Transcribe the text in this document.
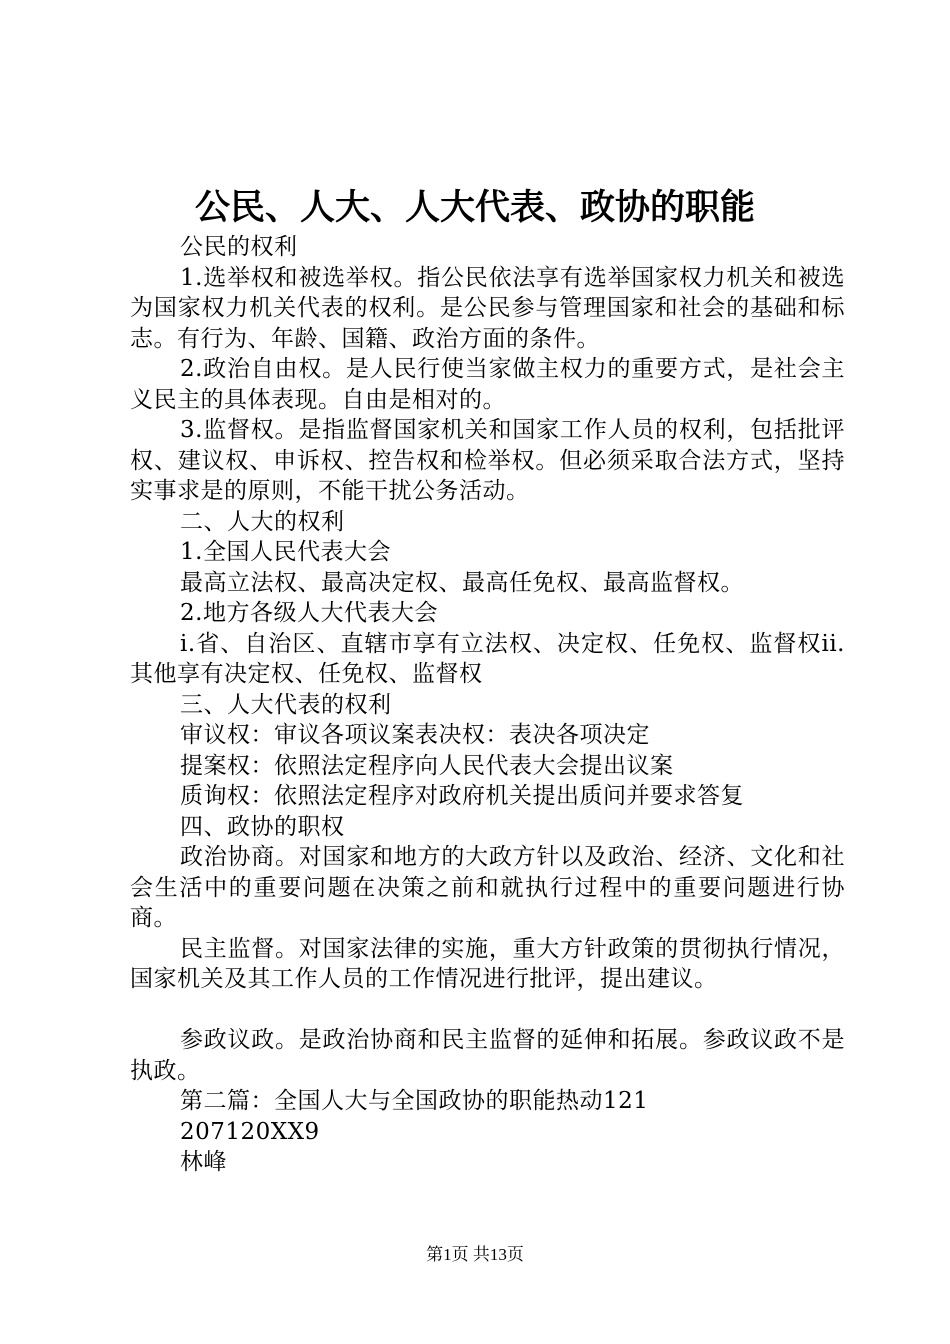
公民、人大、人大代表、政协的职能

公民的权利

1.选举权和被选举权。指公民依法享有选举国家权力机关和被选为国家权力机关代表的权利。是公民参与管理国家和社会的基础和标志。有行为、年龄、国籍、政治方面的条件。

2.政治自由权。是人民行使当家做主权力的重要方式，是社会主义民主的具体表现。自由是相对的。

3.监督权。是指监督国家机关和国家工作人员的权利，包括批评权、建议权、申诉权、控告权和检举权。但必须采取合法方式，坚持实事求是的原则，不能干扰公务活动。

二、人大的权利

1.全国人民代表大会

最高立法权、最高决定权、最高任免权、最高监督权。

2.地方各级人大代表大会

i.省、自治区、直辖市享有立法权、决定权、任免权、监督权ii.其他享有决定权、任免权、监督权

三、人大代表的权利

审议权：审议各项议案表决权：表决各项决定

提案权：依照法定程序向人民代表大会提出议案

质询权：依照法定程序对政府机关提出质问并要求答复

四、政协的职权

政治协商。对国家和地方的大政方针以及政治、经济、文化和社会生活中的重要问题在决策之前和就执行过程中的重要问题进行协商。

民主监督。对国家法律的实施，重大方针政策的贯彻执行情况，国家机关及其工作人员的工作情况进行批评，提出建议。

参政议政。是政治协商和民主监督的延伸和拓展。参政议政不是执政。

第二篇：全国人大与全国政协的职能热动121

207120XX9

林峰

第1页 共13页
